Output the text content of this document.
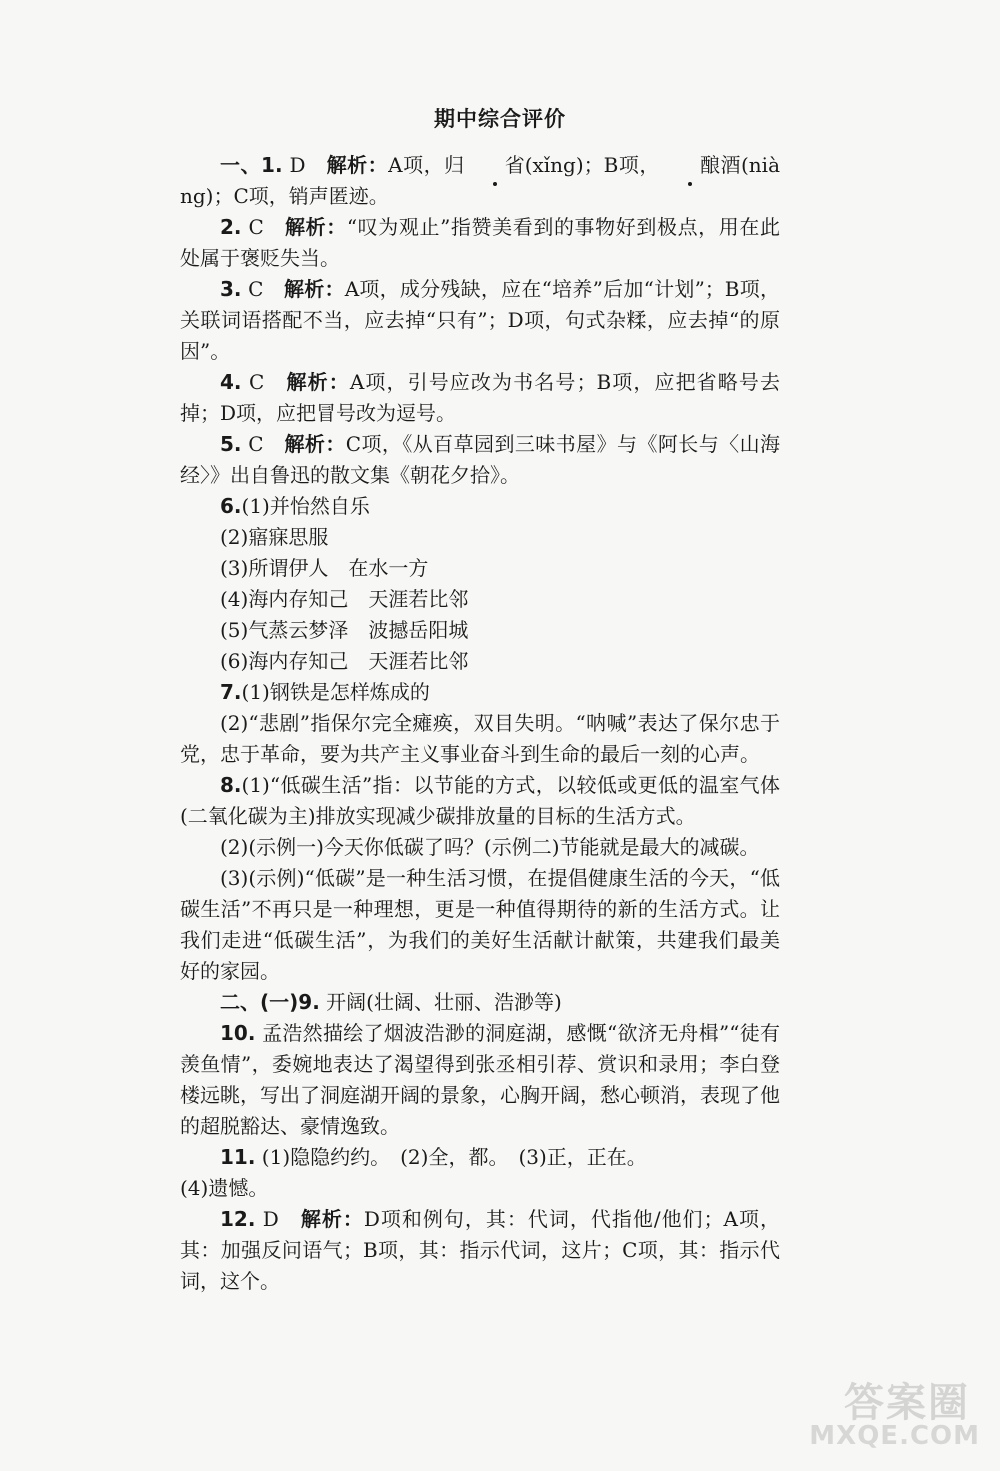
期中综合评价

一、1. D　解析：A项，归 省(xǐng)；B项， 酿酒(niàng)；C项，销声匿迹。

2. C　解析：“叹为观止”指赞美看到的事物好到极点，用在此处属于褒贬失当。

3. C　解析：A项，成分残缺，应在“培养”后加“计划”；B项，关联词语搭配不当，应去掉“只有”；D项，句式杂糅，应去掉“的原因”。

4. C　解析：A项，引号应改为书名号；B项，应把省略号去掉；D项，应把冒号改为逗号。

5. C　解析：C项，《从百草园到三味书屋》与《阿长与〈山海经〉》出自鲁迅的散文集《朝花夕拾》。

6.(1)并怡然自乐

(2)寤寐思服

(3)所谓伊人　在水一方

(4)海内存知己　天涯若比邻

(5)气蒸云梦泽　波撼岳阳城

(6)海内存知己　天涯若比邻

7.(1)钢铁是怎样炼成的

(2)“悲剧”指保尔完全瘫痪，双目失明。“呐喊”表达了保尔忠于党，忠于革命，要为共产主义事业奋斗到生命的最后一刻的心声。

8.(1)“低碳生活”指：以节能的方式，以较低或更低的温室气体(二氧化碳为主)排放实现减少碳排放量的目标的生活方式。

(2)(示例一)今天你低碳了吗？(示例二)节能就是最大的减碳。

(3)(示例)“低碳”是一种生活习惯，在提倡健康生活的今天，“低碳生活”不再只是一种理想，更是一种值得期待的新的生活方式。让我们走进“低碳生活”，为我们的美好生活献计献策，共建我们最美好的家园。

二、(一)9. 开阔(壮阔、壮丽、浩渺等)

10. 孟浩然描绘了烟波浩渺的洞庭湖，感慨“欲济无舟楫”“徒有羡鱼情”，委婉地表达了渴望得到张丞相引荐、赏识和录用；李白登楼远眺，写出了洞庭湖开阔的景象，心胸开阔，愁心顿消，表现了他的超脱豁达、豪情逸致。

11. (1)隐隐约约。　(2)全，都。　(3)正，正在。

(4)遗憾。

12. D　解析：D项和例句，其：代词，代指他/他们；A项，其：加强反问语气；B项，其：指示代词，这片；C项，其：指示代词，这个。

答案圈
MXQE.COM
